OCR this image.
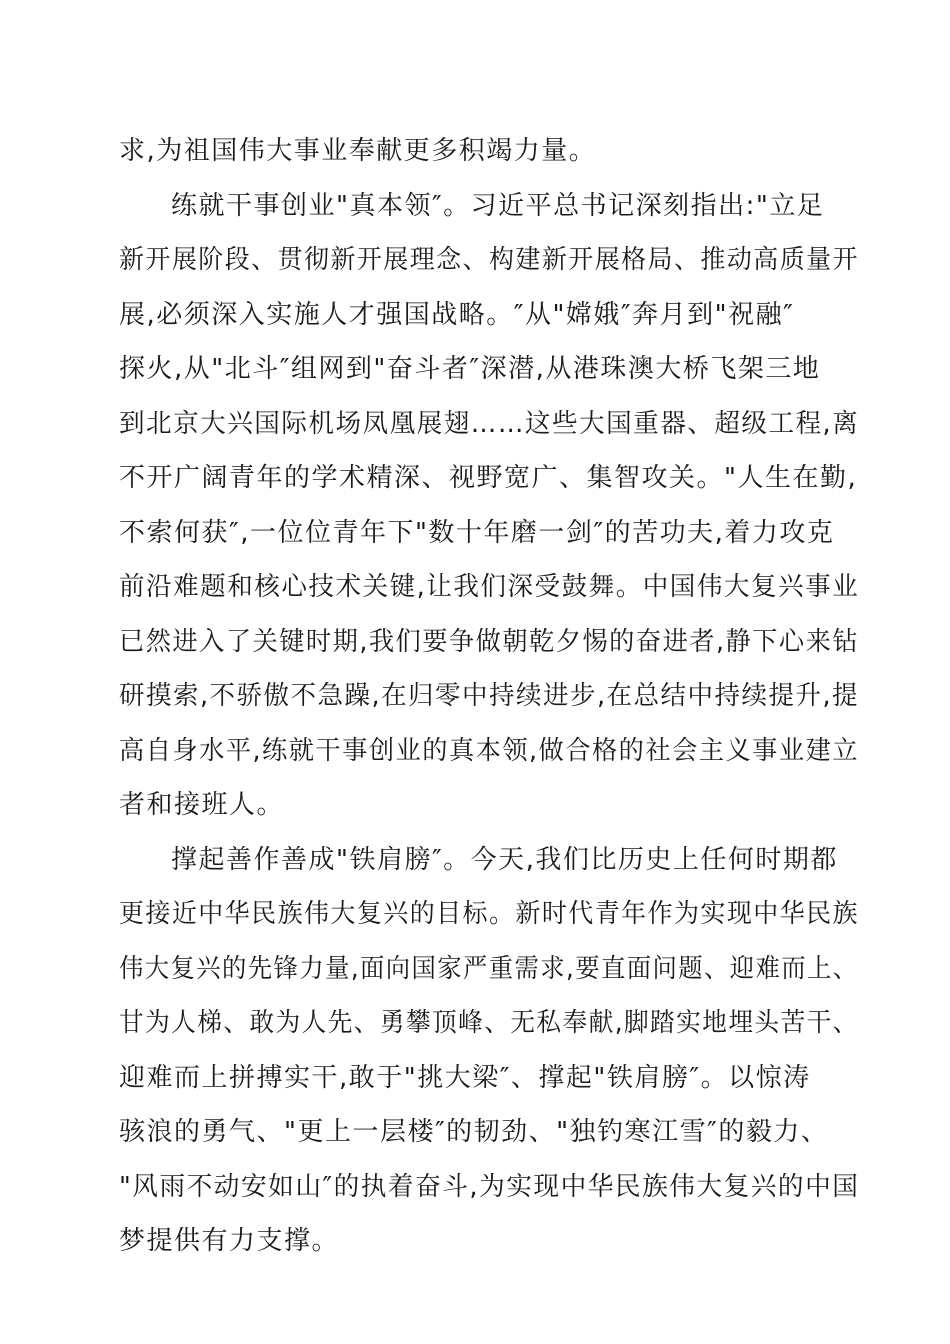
求,为祖国伟大事业奉献更多积竭力量。
练就干事创业"真本领″。习近平总书记深刻指出:"立足
新开展阶段、贯彻新开展理念、构建新开展格局、推动高质量开
展,必须深入实施人才强国战略。″从"嫦娥″奔月到"祝融″
探火,从"北斗″组网到"奋斗者″深潜,从港珠澳大桥飞架三地
到北京大兴国际机场凤凰展翅……这些大国重器、超级工程,离
不开广阔青年的学术精深、视野宽广、集智攻关。"人生在勤,
不索何获″,一位位青年下"数十年磨一剑″的苦功夫,着力攻克
前沿难题和核心技术关键,让我们深受鼓舞。中国伟大复兴事业
已然进入了关键时期,我们要争做朝乾夕惕的奋进者,静下心来钻
研摸索,不骄傲不急躁,在归零中持续进步,在总结中持续提升,提
高自身水平,练就干事创业的真本领,做合格的社会主义事业建立
者和接班人。
撑起善作善成"铁肩膀″。今天,我们比历史上任何时期都
更接近中华民族伟大复兴的目标。新时代青年作为实现中华民族
伟大复兴的先锋力量,面向国家严重需求,要直面问题、迎难而上、
甘为人梯、敢为人先、勇攀顶峰、无私奉献,脚踏实地埋头苦干、
迎难而上拼搏实干,敢于"挑大梁″、撑起"铁肩膀″。以惊涛
骇浪的勇气、"更上一层楼″的韧劲、"独钓寒江雪″的毅力、
"风雨不动安如山″的执着奋斗,为实现中华民族伟大复兴的中国
梦提供有力支撑。
